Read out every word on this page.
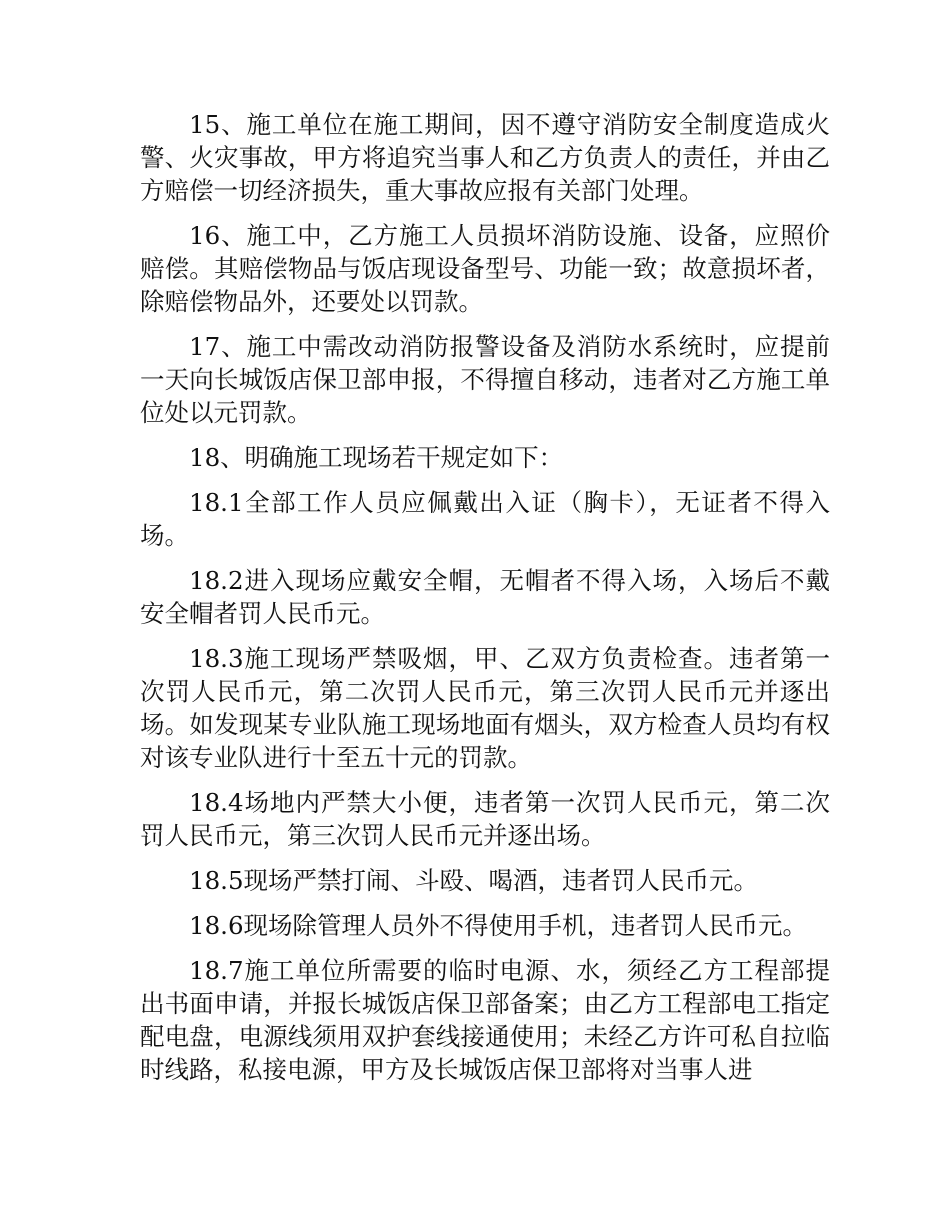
15、施工单位在施工期间，因不遵守消防安全制度造成火警、火灾事故，甲方将追究当事人和乙方负责人的责任，并由乙方赔偿一切经济损失，重大事故应报有关部门处理。

16、施工中，乙方施工人员损坏消防设施、设备，应照价赔偿。其赔偿物品与饭店现设备型号、功能一致；故意损坏者，除赔偿物品外，还要处以罚款。

17、施工中需改动消防报警设备及消防水系统时，应提前一天向长城饭店保卫部申报，不得擅自移动，违者对乙方施工单位处以元罚款。

18、明确施工现场若干规定如下：

18.1全部工作人员应佩戴出入证（胸卡），无证者不得入场。

18.2进入现场应戴安全帽，无帽者不得入场，入场后不戴安全帽者罚人民币元。

18.3施工现场严禁吸烟，甲、乙双方负责检查。违者第一次罚人民币元，第二次罚人民币元，第三次罚人民币元并逐出场。如发现某专业队施工现场地面有烟头，双方检查人员均有权对该专业队进行十至五十元的罚款。

18.4场地内严禁大小便，违者第一次罚人民币元，第二次罚人民币元，第三次罚人民币元并逐出场。

18.5现场严禁打闹、斗殴、喝酒，违者罚人民币元。

18.6现场除管理人员外不得使用手机，违者罚人民币元。

18.7施工单位所需要的临时电源、水，须经乙方工程部提出书面申请，并报长城饭店保卫部备案；由乙方工程部电工指定配电盘，电源线须用双护套线接通使用；未经乙方许可私自拉临时线路，私接电源，甲方及长城饭店保卫部将对当事人进
